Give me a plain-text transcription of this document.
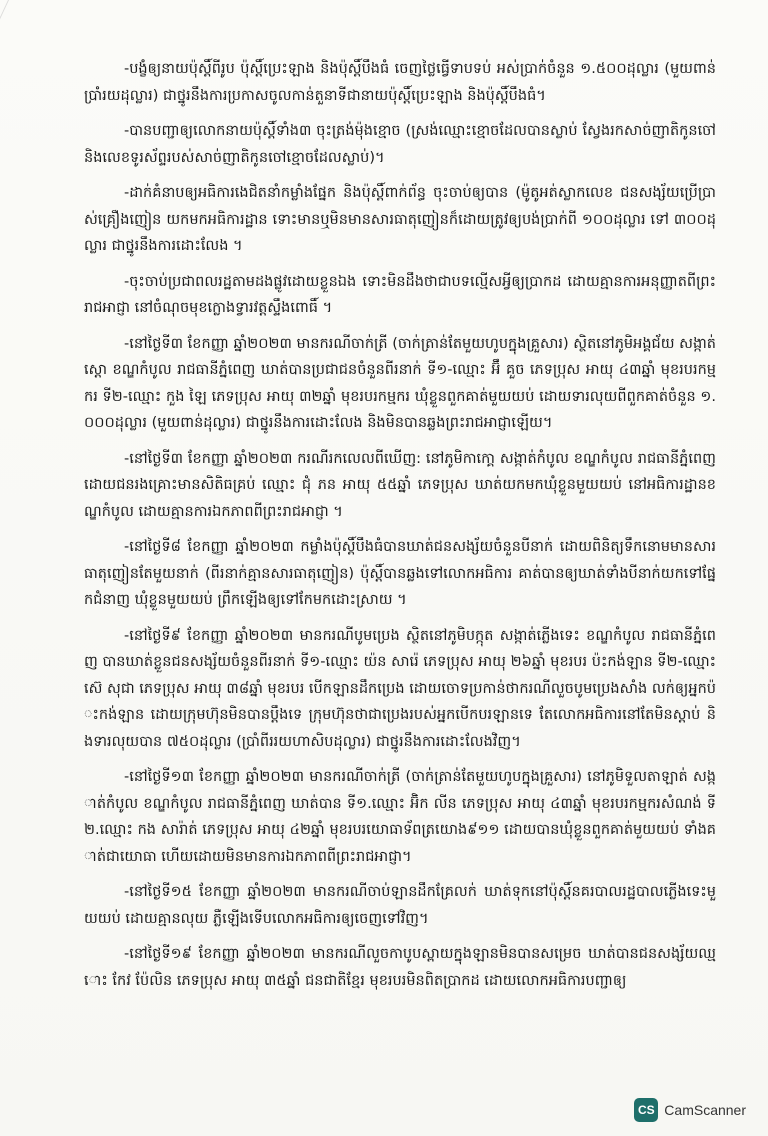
-បង្ខំឲ្យនាយប៉ុស្តិ៍ពីរូប ប៉ុស្តិ៍ប្រេះឡាង និងប៉ុស្តិ៍បឹងធំ ចេញថ្លៃធ្វើទាបទប់ អស់ប្រាក់ចំនួន ១.៥០០ដុល្លារ (មួយពាន់ប្រាំរយដុល្លារ) ជាថ្នូរនឹងការប្រកាសចូលកាន់តួនាទីជានាយប៉ុស្តិ៍ប្រេះឡាង និងប៉ុស្តិ៍បឹងធំ។

-បានបញ្ជាឲ្យលោកនាយប៉ុស្តិ៍ទាំង៣ ចុះត្រង់ម៉ុងខ្មោច (ស្រង់ឈ្មោះខ្មោចដែលបានស្លាប់ ស្វែងរកសាច់ញាតិកូនចៅ និងលេខទូរស័ព្ទរបស់សាច់ញាតិកូនចៅខ្មោចដែលស្លាប់)។

-ដាក់គំនាបឲ្យអធិការងេជិតនាំកម្លាំងផ្នែក និងប៉ុស្តិ៍ពាក់ព័ន្ធ ចុះចាប់ឲ្យបាន (ម៉ូតូអត់ស្លាកលេខ ជនសង្ស័យប្រើប្រាស់គ្រឿងញៀន យកមកអធិការដ្ឋាន ទោះមានឬមិនមានសារធាតុញៀនក៏ដោយត្រូវឲ្យបង់ប្រាក់ពី ១០០ដុល្លារ ទៅ ៣០០ដុល្លារ ជាថ្នូរនឹងការដោះលែង ។

-ចុះចាប់ប្រជាពលរដ្ឋតាមដងផ្លូវដោយខ្លួនឯង ទោះមិនដឹងថាជាបទល្មើសអ្វីឲ្យប្រាកដ ដោយគ្មានការអនុញ្ញាតពីព្រះរាជអាជ្ញា នៅចំណុចមុខក្លោងទ្វារវត្តស្ទឹងពោធិ៍ ។

-នៅថ្ងៃទី៣ ខែកញ្ញា ឆ្នាំ២០២៣ មានករណីចាក់ត្រី (ចាក់ត្រាន់តែមួយហូបក្នុងគ្រួសារ) ស្ថិតនៅភូមិអង្គជ័យ សង្កាត់ស្តោ ខណ្ឌកំបូល រាជធានីភ្នំពេញ ឃាត់បានប្រជាជនចំនួនពីរនាក់ ទី១-ឈ្មោះ អ៊ឹ គួច ភេទប្រុស អាយុ ៤៣ឆ្នាំ មុខរបរកម្មករ ទី២-ឈ្មោះ កួង ឡៃ ភេទប្រុស អាយុ ៣២ឆ្នាំ មុខរបរកម្មករ ឃុំខ្លួនពួកគាត់មួយយប់ ដោយទារលុយពីពួកគាត់ចំនួន ១.០០០ដុល្លារ (មួយពាន់ដុល្លារ) ជាថ្នូរនឹងការដោះលែង និងមិនបានឆ្លងព្រះរាជអាជ្ញាឡើយ។

-នៅថ្ងៃទី៣ ខែកញ្ញា ឆ្នាំ២០២៣ ករណីរកលេលពីឃើញ: នៅភូមិកាកោ្គ សង្កាត់កំបូល ខណ្ឌកំបូល រាជធានីភ្នំពេញ ដោយជនរងគ្រោះមានសិតិធគ្រប់ ឈ្មោះ ជុំ ភន អាយុ ៥៥ឆ្នាំ ភេទប្រុស ឃាត់យកមកឃុំខ្លួនមួយយប់ នៅអធិការដ្ឋានខណ្ឌកំបូល ដោយគ្មានការឯកភាពពីព្រះរាជអាជ្ញា ។

-នៅថ្ងៃទី៨ ខែកញ្ញា ឆ្នាំ២០២៣ កម្លាំងប៉ុស្តិ៍បឹងធំបានឃាត់ជនសង្ស័យចំនួនបីនាក់ ដោយពិនិត្យទឹកនោមមានសារធាតុញៀនតែមួយនាក់ (ពីរនាក់គ្មានសារធាតុញៀន) ប៉ុស្តិ៍បានឆ្លងទៅលោកអធិការ គាត់បានឲ្យឃាត់ទាំងបីនាក់យកទៅផ្នែកជំនាញ ឃុំខ្លួនមួយយប់ ព្រឹកឡើងឲ្យទៅកែមកដោះស្រាយ ។

-នៅថ្ងៃទី៩ ខែកញ្ញា ឆ្នាំ២០២៣ មានករណីបូមប្រេង ស្ថិតនៅភូមិបក្កុត សង្កាត់ភ្លើងទេះ ខណ្ឌកំបូល រាជធានីភ្នំពេញ បានឃាត់ខ្លួនជនសង្ស័យចំនួនពីរនាក់ ទី១-ឈ្មោះ យ៉ន សារ៉េ ភេទប្រុស អាយុ ២៦ឆ្នាំ មុខរបរ ប៉ះកង់ឡាន ទី២-ឈ្មោះ ស៊េ សុជា ភេទប្រុស អាយុ ៣៨ឆ្នាំ មុខរបរ បើកឡានដឹកប្រេង ដោយចោទប្រកាន់ថាករណីលួចបូមប្រេងសាំង លក់ឲ្យអ្នកប៉ះកង់ឡាន ដោយក្រុមហ៊ុនមិនបានប្តឹងទេ ក្រុមហ៊ុនថាជាប្រេងរបស់អ្នកបើកបរឡានទេ តែលោកអធិការនៅតែមិនស្តាប់ និងទារលុយបាន ៧៥០ដុល្លារ (ប្រាំពីររយហាសិបដុល្លារ) ជាថ្នូរនឹងការដោះលែងវិញ។

-នៅថ្ងៃទី១៣ ខែកញ្ញា ឆ្នាំ២០២៣ មានករណីចាក់ត្រី (ចាក់ត្រាន់តែមួយហូបក្នុងគ្រួសារ) នៅភូមិទួលតាឡាត់ សង្កាត់កំបូល ខណ្ឌកំបូល រាជធានីភ្នំពេញ ឃាត់បាន ទី១.ឈ្មោះ អ៊ិក លីន ភេទប្រុស អាយុ ៤៣ឆ្នាំ មុខរបរកម្មករសំណង់ ទី២.ឈ្មោះ កង សារ៉ាត់ ភេទប្រុស អាយុ ៤២ឆ្នាំ មុខរបរយោធាទ័ពត្រយោង៩១១ ដោយបានឃុំខ្លួនពួកគាត់មួយយប់ ទាំងគាត់ជាយោធា ហើយដោយមិនមានការឯកភាពពីព្រះរាជអាជ្ញា។

-នៅថ្ងៃទី១៥ ខែកញ្ញា ឆ្នាំ២០២៣ មានករណីចាប់ឡានដឹកគ្រែលក់ ឃាត់ទុកនៅប៉ុស្តិ៍នគរបាលរដ្ឋបាលភ្លើងទេះមួយយប់ ដោយគ្មានលុយ ភ្លឺឡើងទើបលោកអធិការឲ្យចេញទៅវិញ។

-នៅថ្ងៃទី១៩ ខែកញ្ញា ឆ្នាំ២០២៣ មានករណីលួចកាបូបស្ពាយក្នុងឡានមិនបានសម្រេច ឃាត់បានជនសង្ស័យឈ្មោះ កែវ ប៉ែលិន ភេទប្រុស អាយុ ៣៥ឆ្នាំ ជនជាតិខ្មែរ មុខរបរមិនពិតប្រាកដ ដោយលោកអធិការបញ្ជាឲ្យ

CS CamScanner
